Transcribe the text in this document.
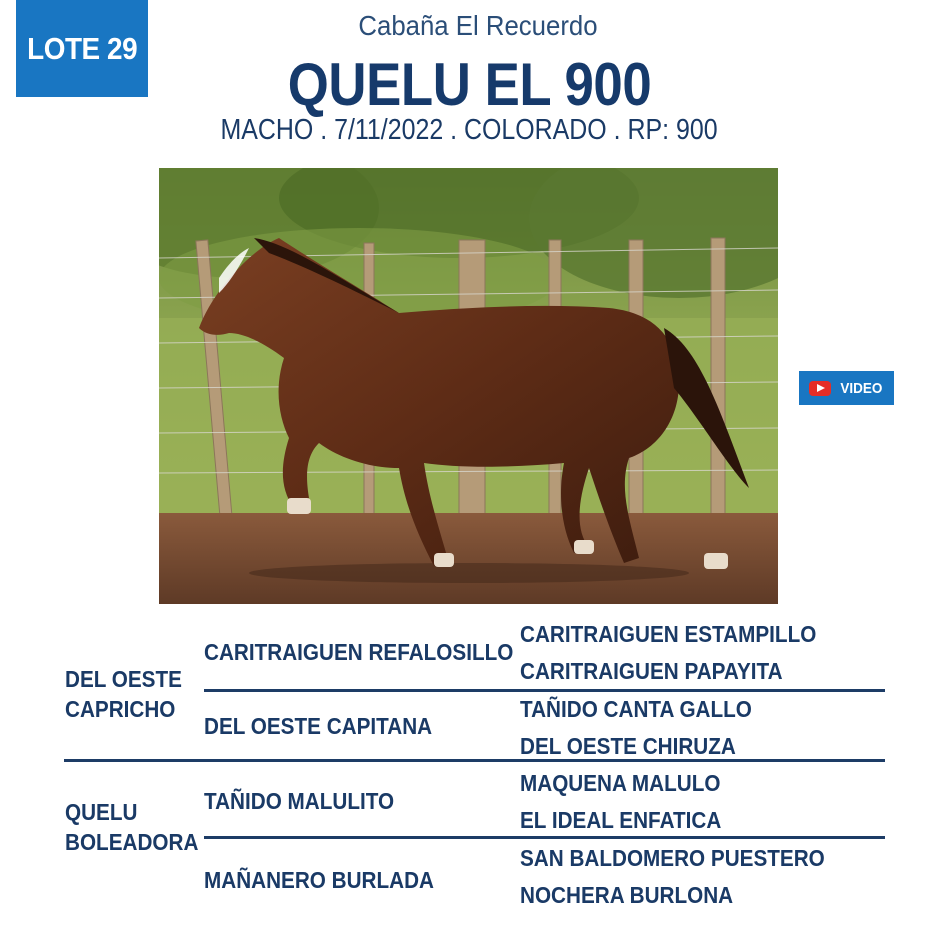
LOTE 29
Cabaña El Recuerdo
QUELU EL 900
MACHO . 7/11/2022 . COLORADO . RP: 900
VIDEO
DEL OESTE
CAPRICHO
CARITRAIGUEN REFALOSILLO
CARITRAIGUEN ESTAMPILLO
CARITRAIGUEN PAPAYITA
DEL OESTE CAPITANA
TAÑIDO CANTA GALLO
DEL OESTE CHIRUZA
QUELU
BOLEADORA
TAÑIDO MALULITO
MAQUENA MALULO
EL IDEAL ENFATICA
MAÑANERO BURLADA
SAN BALDOMERO PUESTERO
NOCHERA BURLONA
